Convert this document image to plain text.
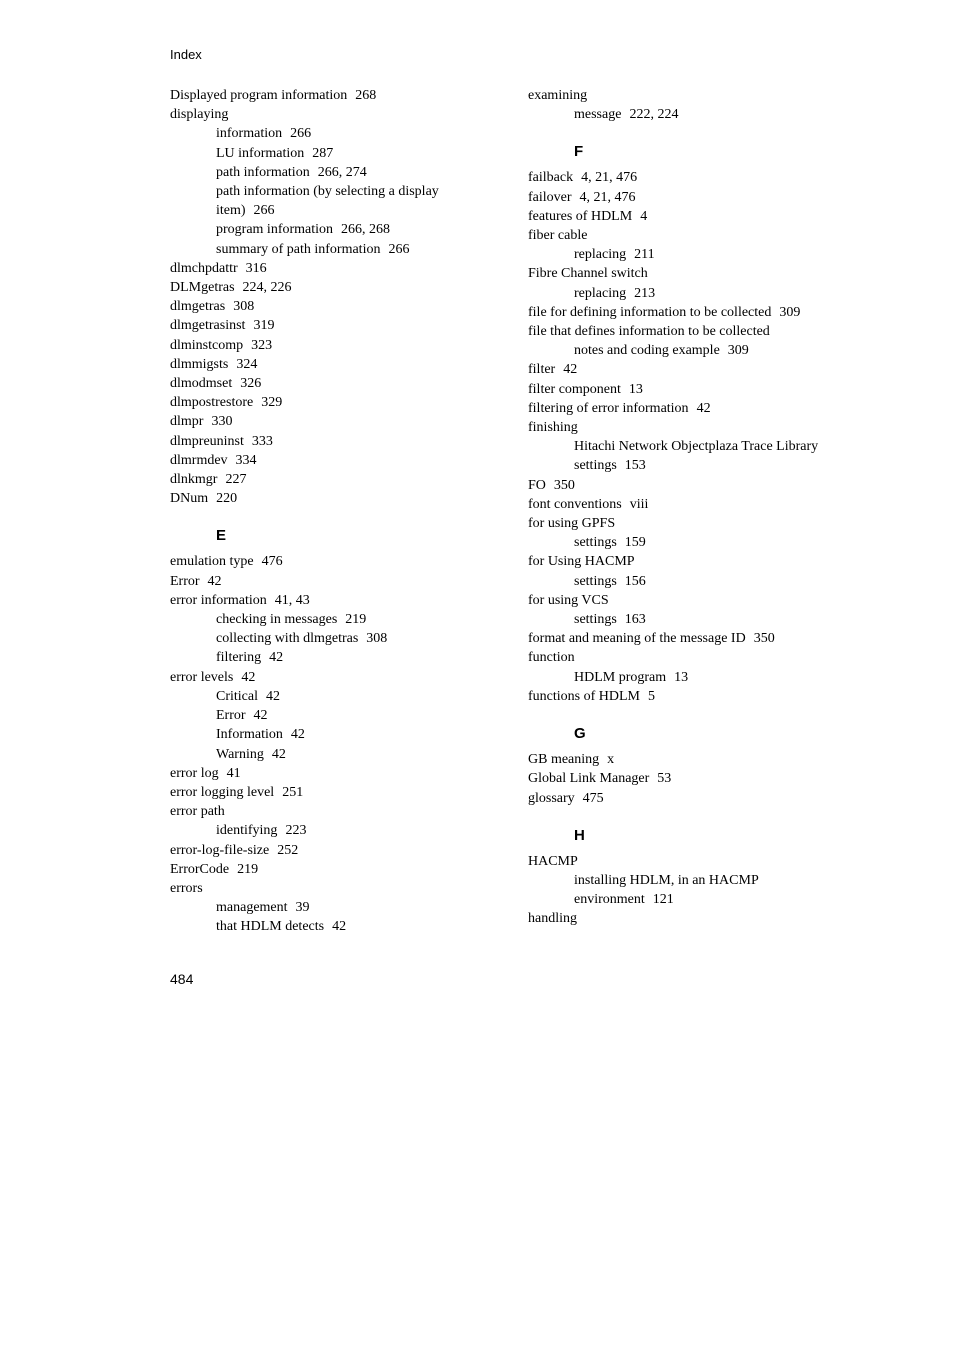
Index
Displayed program information 268
displaying
information 266
LU information 287
path information 266, 274
path information (by selecting a display
item) 266
program information 266, 268
summary of path information 266
dlmchpdattr 316
DLMgetras 224, 226
dlmgetras 308
dlmgetrasinst 319
dlminstcomp 323
dlmmigsts 324
dlmodmset 326
dlmpostrestore 329
dlmpr 330
dlmpreuninst 333
dlmrmdev 334
dlnkmgr 227
DNum 220
E
emulation type 476
Error 42
error information 41, 43
checking in messages 219
collecting with dlmgetras 308
filtering 42
error levels 42
Critical 42
Error 42
Information 42
Warning 42
error log 41
error logging level 251
error path
identifying 223
error-log-file-size 252
ErrorCode 219
errors
management 39
that HDLM detects 42
examining
message 222, 224
F
failback 4, 21, 476
failover 4, 21, 476
features of HDLM 4
fiber cable
replacing 211
Fibre Channel switch
replacing 213
file for defining information to be collected 309
file that defines information to be collected
notes and coding example 309
filter 42
filter component 13
filtering of error information 42
finishing
Hitachi Network Objectplaza Trace Library
settings 153
FO 350
font conventions viii
for using GPFS
settings 159
for Using HACMP
settings 156
for using VCS
settings 163
format and meaning of the message ID 350
function
HDLM program 13
functions of HDLM 5
G
GB meaning x
Global Link Manager 53
glossary 475
H
HACMP
installing HDLM, in an HACMP
environment 121
handling
484
